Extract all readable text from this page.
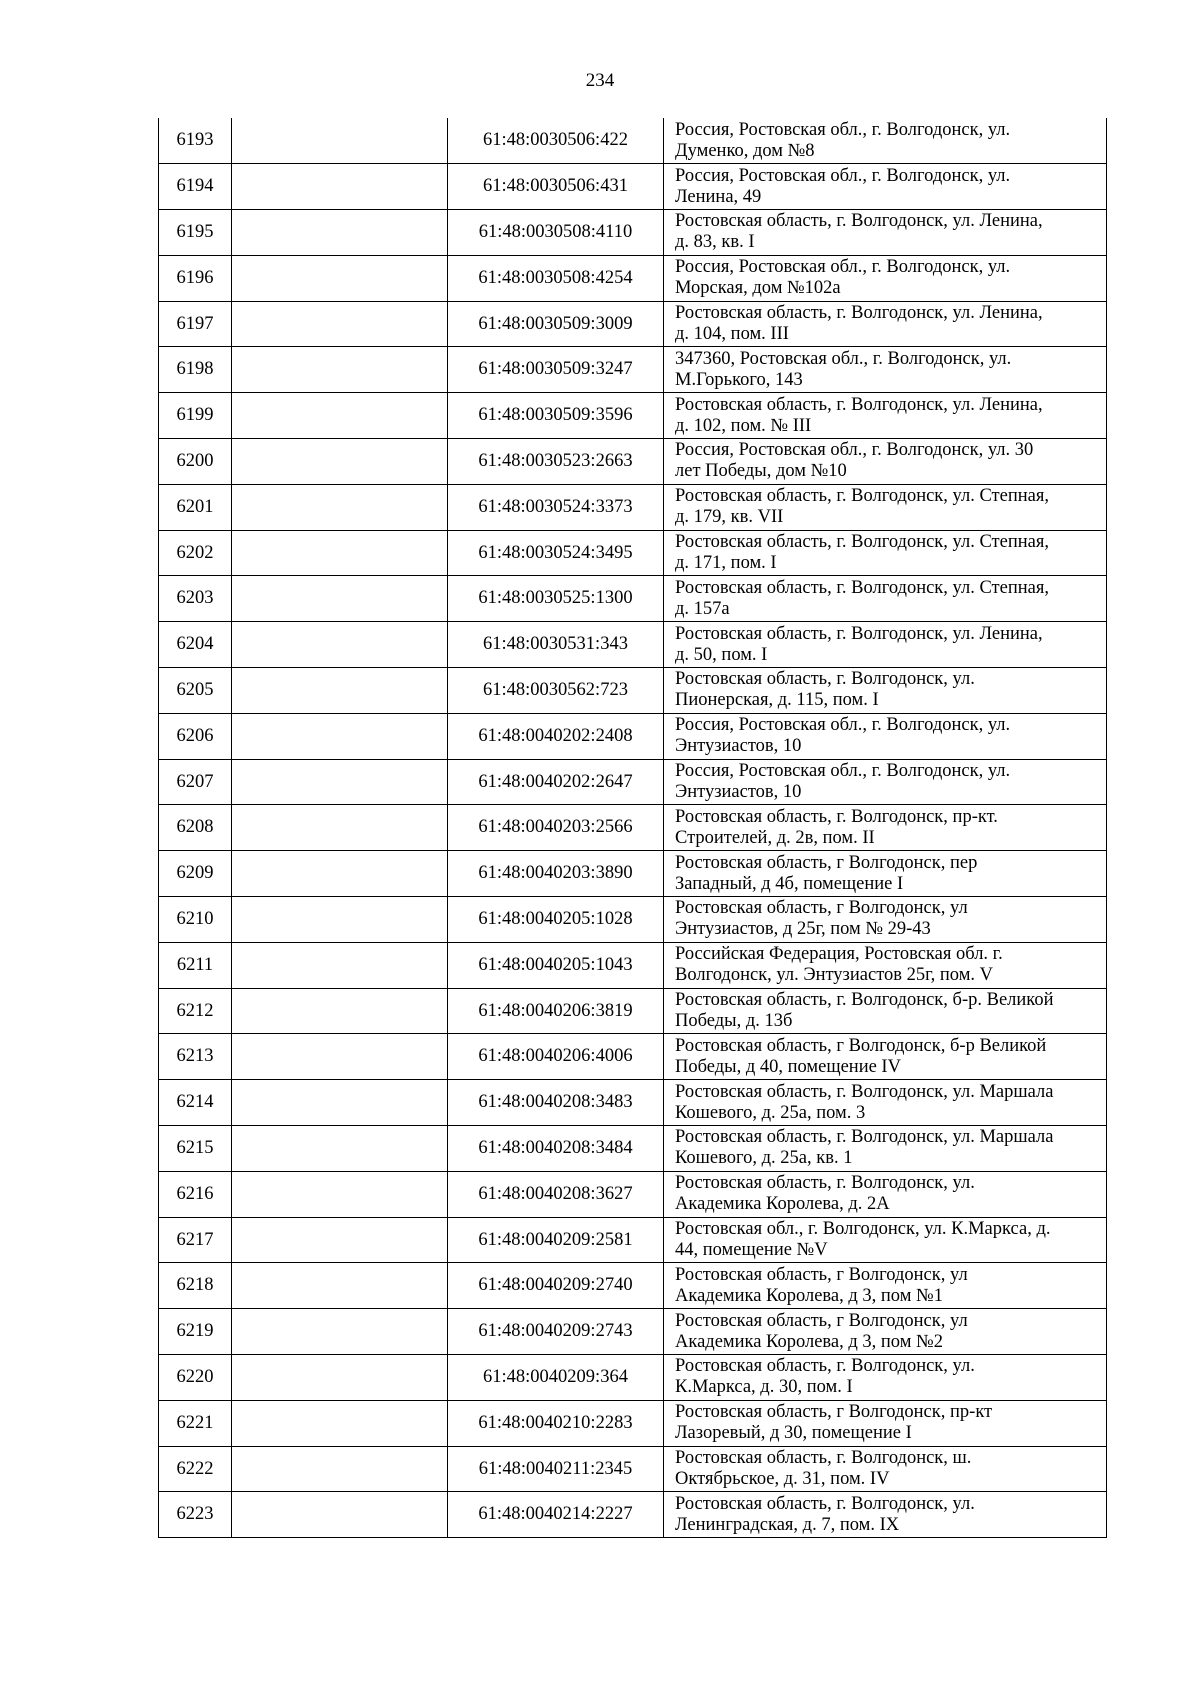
234
6193		61:48:0030506:422	Россия, Ростовская обл., г. Волгодонск, ул.
Думенко, дом №8

6194		61:48:0030506:431	Россия, Ростовская обл., г. Волгодонск, ул.
Ленина, 49

6195		61:48:0030508:4110	Ростовская область, г. Волгодонск, ул. Ленина,
д. 83, кв. I

6196		61:48:0030508:4254	Россия, Ростовская обл., г. Волгодонск, ул.
Морская, дом №102а

6197		61:48:0030509:3009	Ростовская область, г. Волгодонск, ул. Ленина,
д. 104, пом. III

6198		61:48:0030509:3247	347360, Ростовская обл., г. Волгодонск, ул.
М.Горького, 143

6199		61:48:0030509:3596	Ростовская область, г. Волгодонск, ул. Ленина,
д. 102, пом. № III

6200		61:48:0030523:2663	Россия, Ростовская обл., г. Волгодонск, ул. 30
лет Победы, дом №10

6201		61:48:0030524:3373	Ростовская область, г. Волгодонск, ул. Степная,
д. 179, кв. VII

6202		61:48:0030524:3495	Ростовская область, г. Волгодонск, ул. Степная,
д. 171, пом. I

6203		61:48:0030525:1300	Ростовская область, г. Волгодонск, ул. Степная,
д. 157а

6204		61:48:0030531:343	Ростовская область, г. Волгодонск, ул. Ленина,
д. 50, пом. I

6205		61:48:0030562:723	Ростовская область, г. Волгодонск, ул.
Пионерская, д. 115, пом. I

6206		61:48:0040202:2408	Россия, Ростовская обл., г. Волгодонск, ул.
Энтузиастов, 10

6207		61:48:0040202:2647	Россия, Ростовская обл., г. Волгодонск, ул.
Энтузиастов, 10

6208		61:48:0040203:2566	Ростовская область, г. Волгодонск, пр-кт.
Строителей, д. 2в, пом. II

6209		61:48:0040203:3890	Ростовская область, г Волгодонск, пер
Западный, д 4б, помещение I

6210		61:48:0040205:1028	Ростовская область, г Волгодонск, ул
Энтузиастов, д 25г, пом № 29-43

6211		61:48:0040205:1043	Российская Федерация, Ростовская обл. г.
Волгодонск, ул. Энтузиастов 25г, пом. V

6212		61:48:0040206:3819	Ростовская область, г. Волгодонск, б-р. Великой
Победы, д. 13б

6213		61:48:0040206:4006	Ростовская область, г Волгодонск, б-р Великой
Победы, д 40, помещение IV

6214		61:48:0040208:3483	Ростовская область, г. Волгодонск, ул. Маршала
Кошевого, д. 25а, пом. 3

6215		61:48:0040208:3484	Ростовская область, г. Волгодонск, ул. Маршала
Кошевого, д. 25а, кв. 1

6216		61:48:0040208:3627	Ростовская область, г. Волгодонск, ул.
Академика Королева, д. 2А

6217		61:48:0040209:2581	Ростовская обл., г. Волгодонск, ул. К.Маркса, д.
44, помещение №V

6218		61:48:0040209:2740	Ростовская область, г Волгодонск, ул
Академика Королева, д 3, пом №1

6219		61:48:0040209:2743	Ростовская область, г Волгодонск, ул
Академика Королева, д 3, пом №2

6220		61:48:0040209:364	Ростовская область, г. Волгодонск, ул.
К.Маркса, д. 30, пом. I

6221		61:48:0040210:2283	Ростовская область, г Волгодонск, пр-кт
Лазоревый, д 30, помещение I

6222		61:48:0040211:2345	Ростовская область, г. Волгодонск, ш.
Октябрьское, д. 31, пом. IV

6223		61:48:0040214:2227	Ростовская область, г. Волгодонск, ул.
Ленинградская, д. 7, пом. IX
